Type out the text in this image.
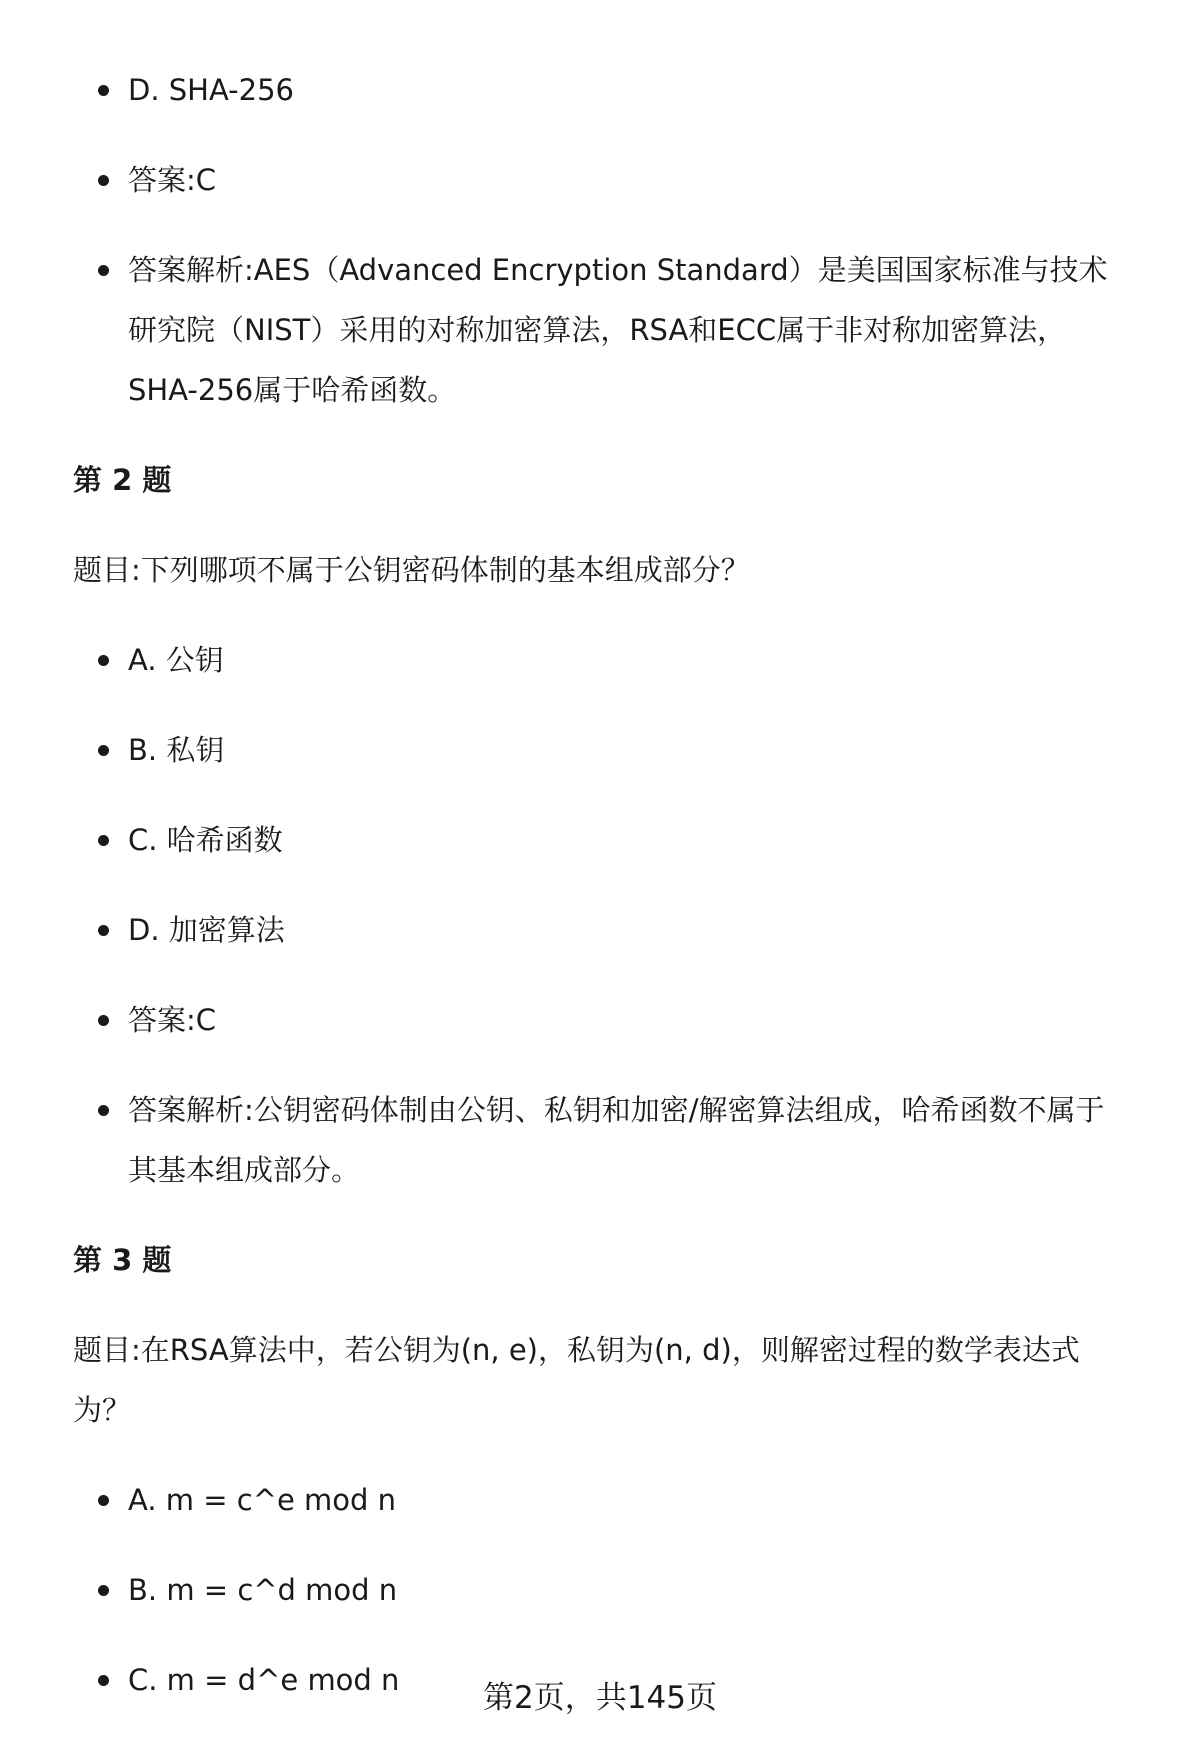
D. SHA-256
答案:C
答案解析:AES（Advanced Encryption Standard）是美国国家标准与技术研究院（NIST）采用的对称加密算法，RSA和ECC属于非对称加密算法，SHA-256属于哈希函数。
第 2 题
题目:下列哪项不属于公钥密码体制的基本组成部分？
A. 公钥
B. 私钥
C. 哈希函数
D. 加密算法
答案:C
答案解析:公钥密码体制由公钥、私钥和加密/解密算法组成，哈希函数不属于其基本组成部分。
第 3 题
题目:在RSA算法中，若公钥为(n, e)，私钥为(n, d)，则解密过程的数学表达式为？
A. m = c^e mod n
B. m = c^d mod n
C. m = d^e mod n	第2页，共145页
